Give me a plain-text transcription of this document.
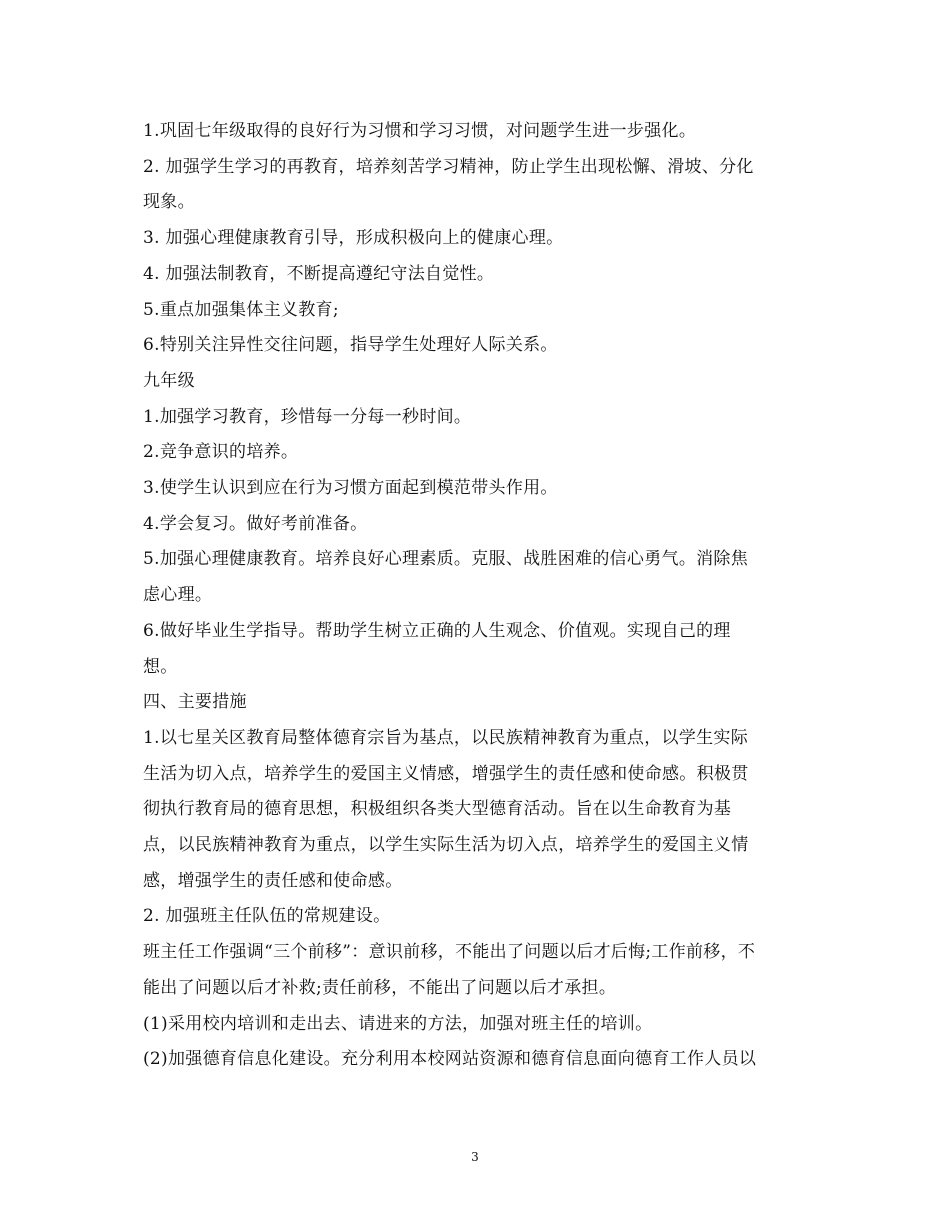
1.巩固七年级取得的良好行为习惯和学习习惯，对问题学生进一步强化。
2. 加强学生学习的再教育，培养刻苦学习精神，防止学生出现松懈、滑坡、分化
现象。
3. 加强心理健康教育引导，形成积极向上的健康心理。
4. 加强法制教育，不断提高遵纪守法自觉性。
5.重点加强集体主义教育;
6.特别关注异性交往问题，指导学生处理好人际关系。
九年级
1.加强学习教育，珍惜每一分每一秒时间。
2.竞争意识的培养。
3.使学生认识到应在行为习惯方面起到模范带头作用。
4.学会复习。做好考前准备。
5.加强心理健康教育。培养良好心理素质。克服、战胜困难的信心勇气。消除焦
虑心理。
6.做好毕业生学指导。帮助学生树立正确的人生观念、价值观。实现自己的理
想。
四、主要措施
1.以七星关区教育局整体德育宗旨为基点，以民族精神教育为重点，以学生实际
生活为切入点，培养学生的爱国主义情感，增强学生的责任感和使命感。积极贯
彻执行教育局的德育思想，积极组织各类大型德育活动。旨在以生命教育为基
点，以民族精神教育为重点，以学生实际生活为切入点，培养学生的爱国主义情
感，增强学生的责任感和使命感。
2. 加强班主任队伍的常规建设。
班主任工作强调“三个前移”：意识前移，不能出了问题以后才后悔;工作前移，不
能出了问题以后才补救;责任前移，不能出了问题以后才承担。
(1)采用校内培训和走出去、请进来的方法，加强对班主任的培训。
(2)加强德育信息化建设。充分利用本校网站资源和德育信息面向德育工作人员以
3
